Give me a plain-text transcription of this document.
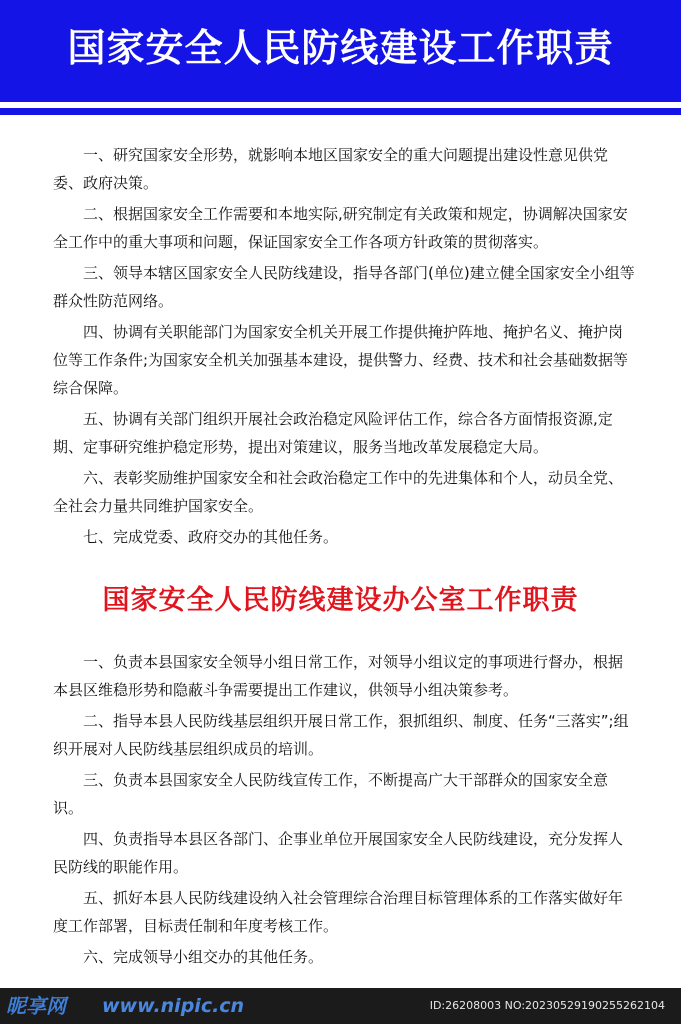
国家安全人民防线建设工作职责

一、研究国家安全形势，就影响本地区国家安全的重大问题提出建设性意见供党委、政府决策。

二、根据国家安全工作需要和本地实际,研究制定有关政策和规定，协调解决国家安全工作中的重大事项和问题，保证国家安全工作各项方针政策的贯彻落实。

三、领导本辖区国家安全人民防线建设，指导各部门(单位)建立健全国家安全小组等群众性防范网络。

四、协调有关职能部门为国家安全机关开展工作提供掩护阵地、掩护名义、掩护岗位等工作条件;为国家安全机关加强基本建设，提供警力、经费、技术和社会基础数据等综合保障。

五、协调有关部门组织开展社会政治稳定风险评估工作，综合各方面情报资源,定期、定事研究维护稳定形势，提出对策建议，服务当地改革发展稳定大局。

六、表彰奖励维护国家安全和社会政治稳定工作中的先进集体和个人，动员全党、全社会力量共同维护国家安全。

七、完成党委、政府交办的其他任务。

国家安全人民防线建设办公室工作职责

一、负责本县国家安全领导小组日常工作，对领导小组议定的事项进行督办，根据本县区维稳形势和隐蔽斗争需要提出工作建议，供领导小组决策参考。

二、指导本县人民防线基层组织开展日常工作，狠抓组织、制度、任务“三落实”;组织开展对人民防线基层组织成员的培训。

三、负责本县国家安全人民防线宣传工作，不断提高广大干部群众的国家安全意识。

四、负责指导本县区各部门、企事业单位开展国家安全人民防线建设，充分发挥人民防线的职能作用。

五、抓好本县人民防线建设纳入社会管理综合治理目标管理体系的工作落实做好年度工作部署，目标责任制和年度考核工作。

六、完成领导小组交办的其他任务。

昵享网 www.nipic.cn	ID:26208003 NO:20230529190255262104
